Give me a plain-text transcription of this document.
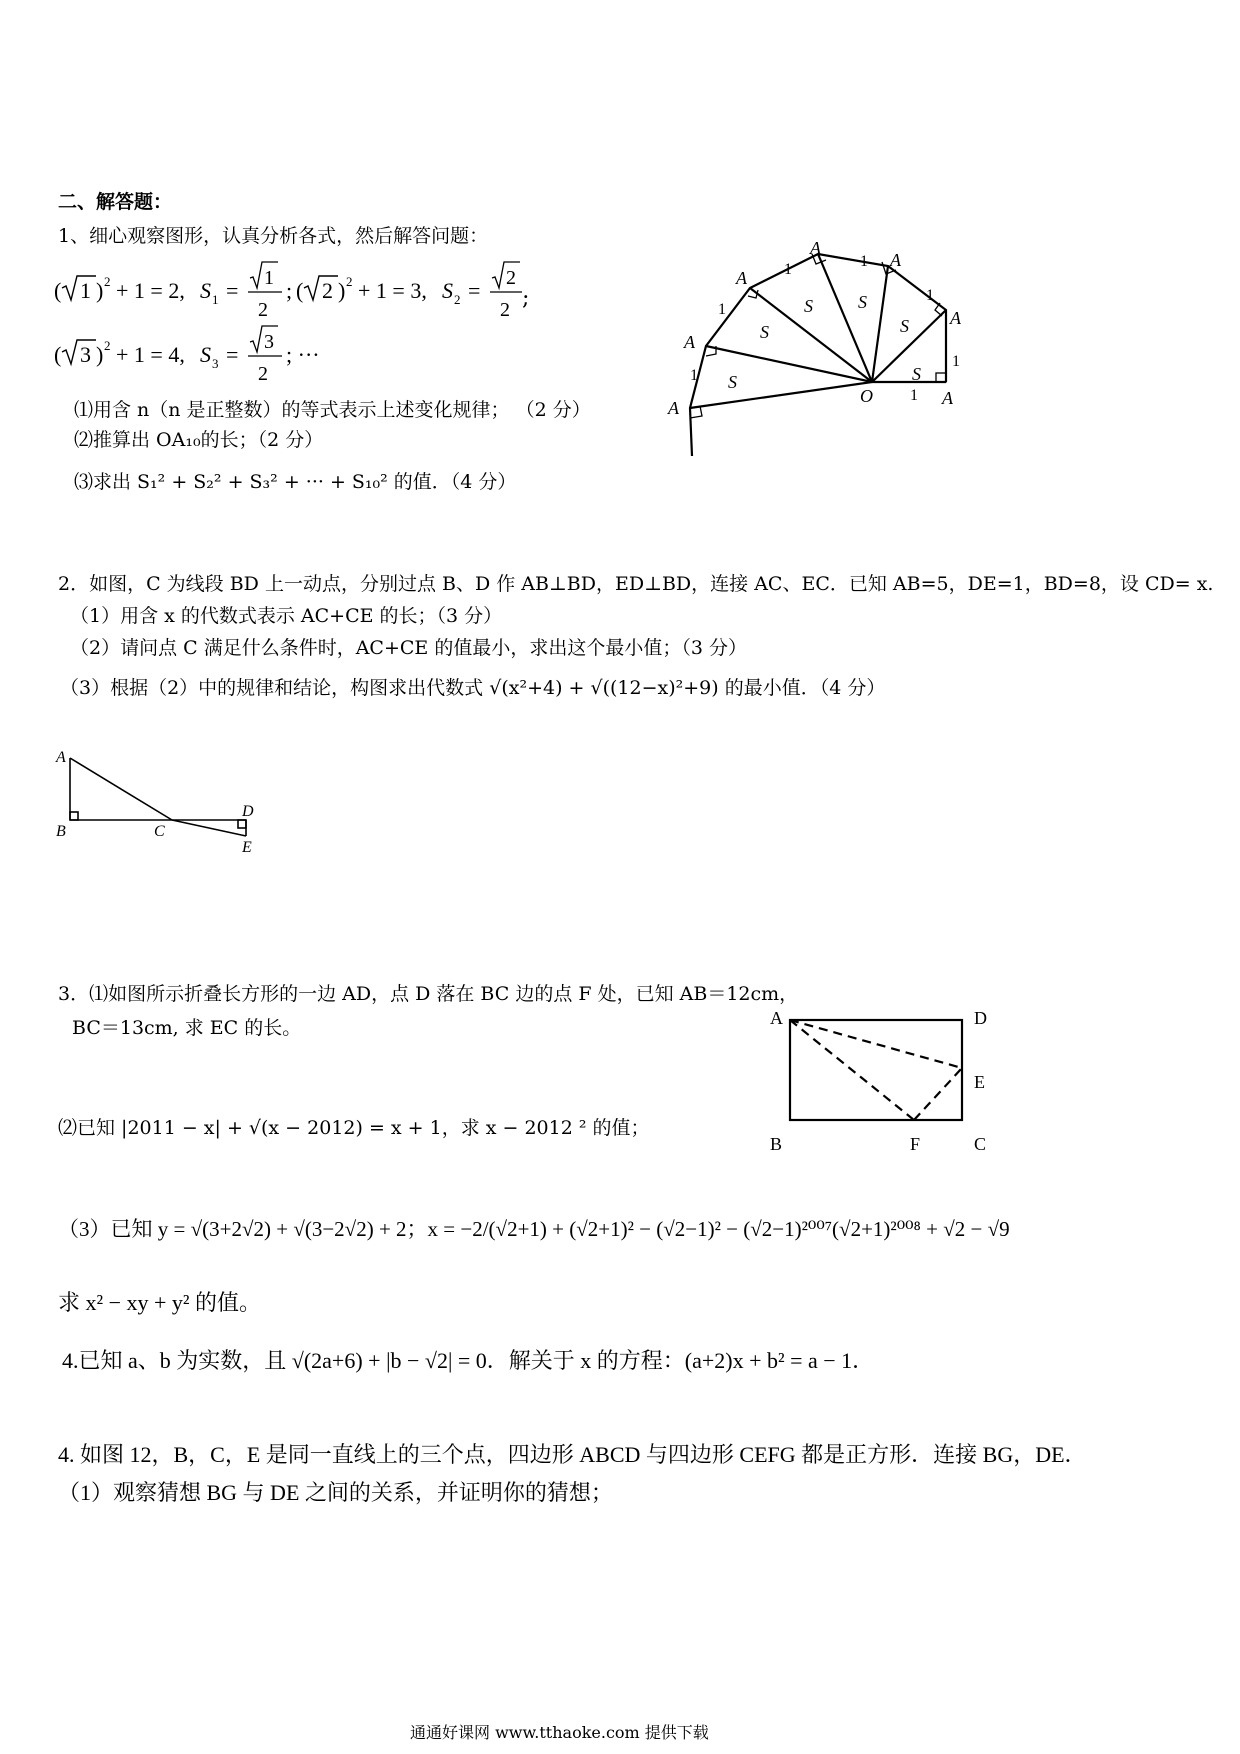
二、解答题：
1、细心观察图形，认真分析各式，然后解答问题：
( 1 ) 2 + 1 = 2, S 1 = 1
2
; ( 2 ) 2 + 1 = 3, S 2 = 2
2 ;
( 3 ) 2 + 1 = 4, S 3 = 3
2
; ···
⑴用含 n（n 是正整数）的等式表示上述变化规律； （2 分）
⑵推算出 OA₁₀的长；（2 分）
⑶求出 S₁² + S₂² + S₃² + ··· + S₁₀² 的值．（4 分）
O	A
A
A
A
A
A
A
S
S
S
S
S
S
1
1
1
1
1
1
1
2．如图，C 为线段 BD 上一动点，分别过点 B、D 作 AB⊥BD，ED⊥BD，连接 AC、EC．已知 AB=5，DE=1，BD=8，设 CD= x.
（1）用含 x 的代数式表示 AC+CE 的长；（3 分）
（2）请问点 C 满足什么条件时，AC+CE 的值最小，求出这个最小值；（3 分）
（3）根据（2）中的规律和结论，构图求出代数式 √(x²+4) + √((12−x)²+9) 的最小值．（4 分）
A
B	C
D
E
3．⑴如图所示折叠长方形的一边 AD，点 D 落在 BC 边的点 F 处，已知 AB＝12cm，
BC＝13cm, 求 EC 的长。
⑵已知 |2011 − x| + √(x − 2012) = x + 1，求 x − 2012 ² 的值；
A	D
E
B	F	C
（3）已知 y = √(3+2√2) + √(3−2√2) + 2；x = −2/(√2+1) + (√2+1)² − (√2−1)² − (√2−1)²⁰⁰⁷(√2+1)²⁰⁰⁸ + √2 − √9
求 x² − xy + y² 的值。
4.已知 a、b 为实数，且 √(2a+6) + |b − √2| = 0．解关于 x 的方程：(a+2)x + b² = a − 1．
4. 如图 12，B，C，E 是同一直线上的三个点，四边形 ABCD 与四边形 CEFG 都是正方形．连接 BG，DE．
（1）观察猜想 BG 与 DE 之间的关系，并证明你的猜想；
通通好课网 www.tthaoke.com 提供下载
